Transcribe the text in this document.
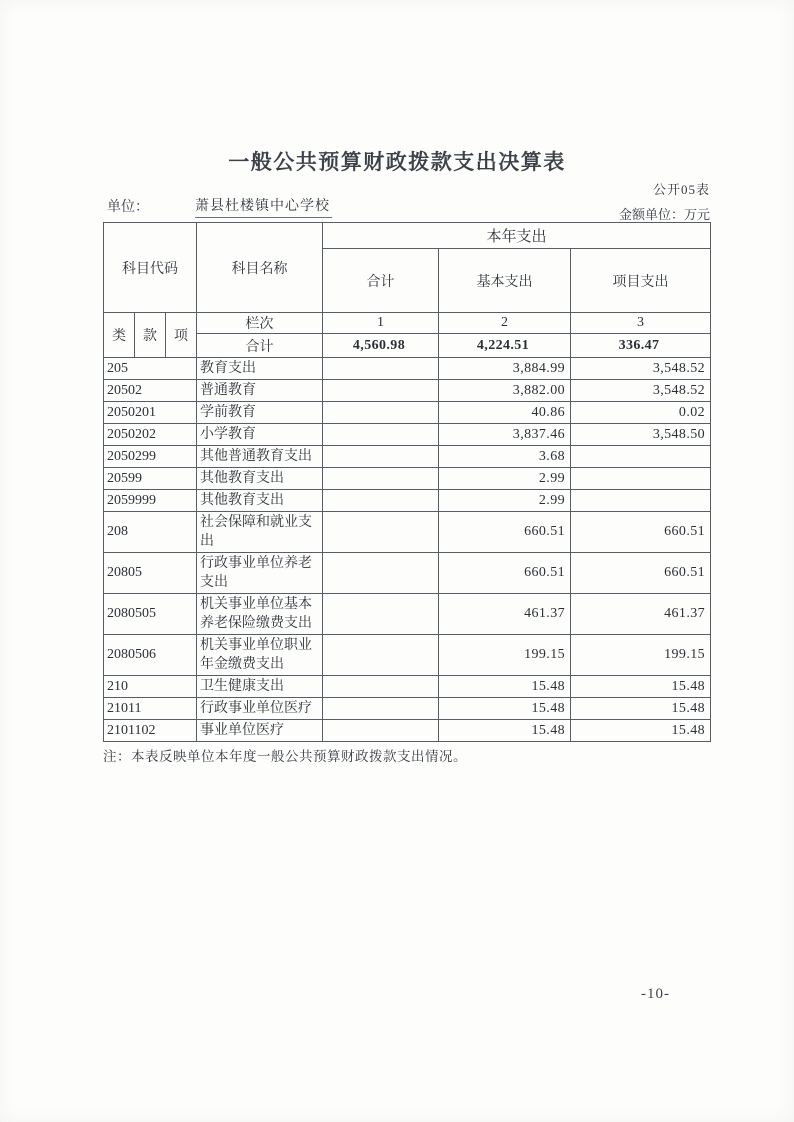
一般公共预算财政拨款支出决算表
公开05表
单位：	萧县杜楼镇中心学校
金额单位：万元
科目代码			科目名称	本年支出		
				合计	基本支出	项目支出
类	款	项	栏次	1	2	3
			合计	4,560.98	4,224.51	336.47
205			教育支出		3,884.99	3,548.52
20502			普通教育		3,882.00	3,548.52
2050201			学前教育		40.86	0.02
2050202			小学教育		3,837.46	3,548.50
2050299			其他普通教育支出		3.68	
20599			其他教育支出		2.99	
2059999			其他教育支出		2.99	
208			社会保障和就业支出		660.51	660.51
20805			行政事业单位养老支出		660.51	660.51
2080505			机关事业单位基本养老保险缴费支出		461.37	461.37
2080506			机关事业单位职业年金缴费支出		199.15	199.15
210			卫生健康支出		15.48	15.48
21011			行政事业单位医疗		15.48	15.48
2101102			事业单位医疗		15.48	15.48
注：本表反映单位本年度一般公共预算财政拨款支出情况。
-10-
